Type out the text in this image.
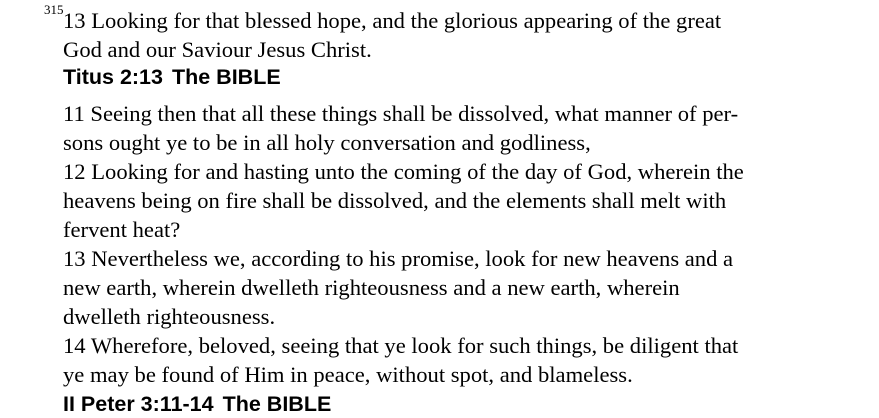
315 13 Looking for that blessed hope, and the glorious appearing of the great
God and our Saviour Jesus Christ.
Titus 2:13 The BIBLE
11 Seeing then that all these things shall be dissolved, what manner of per-
sons ought ye to be in all holy conversation and godliness,
12 Looking for and hasting unto the coming of the day of God, wherein the
heavens being on fire shall be dissolved, and the elements shall melt with
fervent heat?
13 Nevertheless we, according to his promise, look for new heavens and a
new earth, wherein dwelleth righteousness and a new earth, wherein
dwelleth righteousness.
14 Wherefore, beloved, seeing that ye look for such things, be diligent that
ye may be found of Him in peace, without spot, and blameless.
II Peter 3:11-14 The BIBLE
